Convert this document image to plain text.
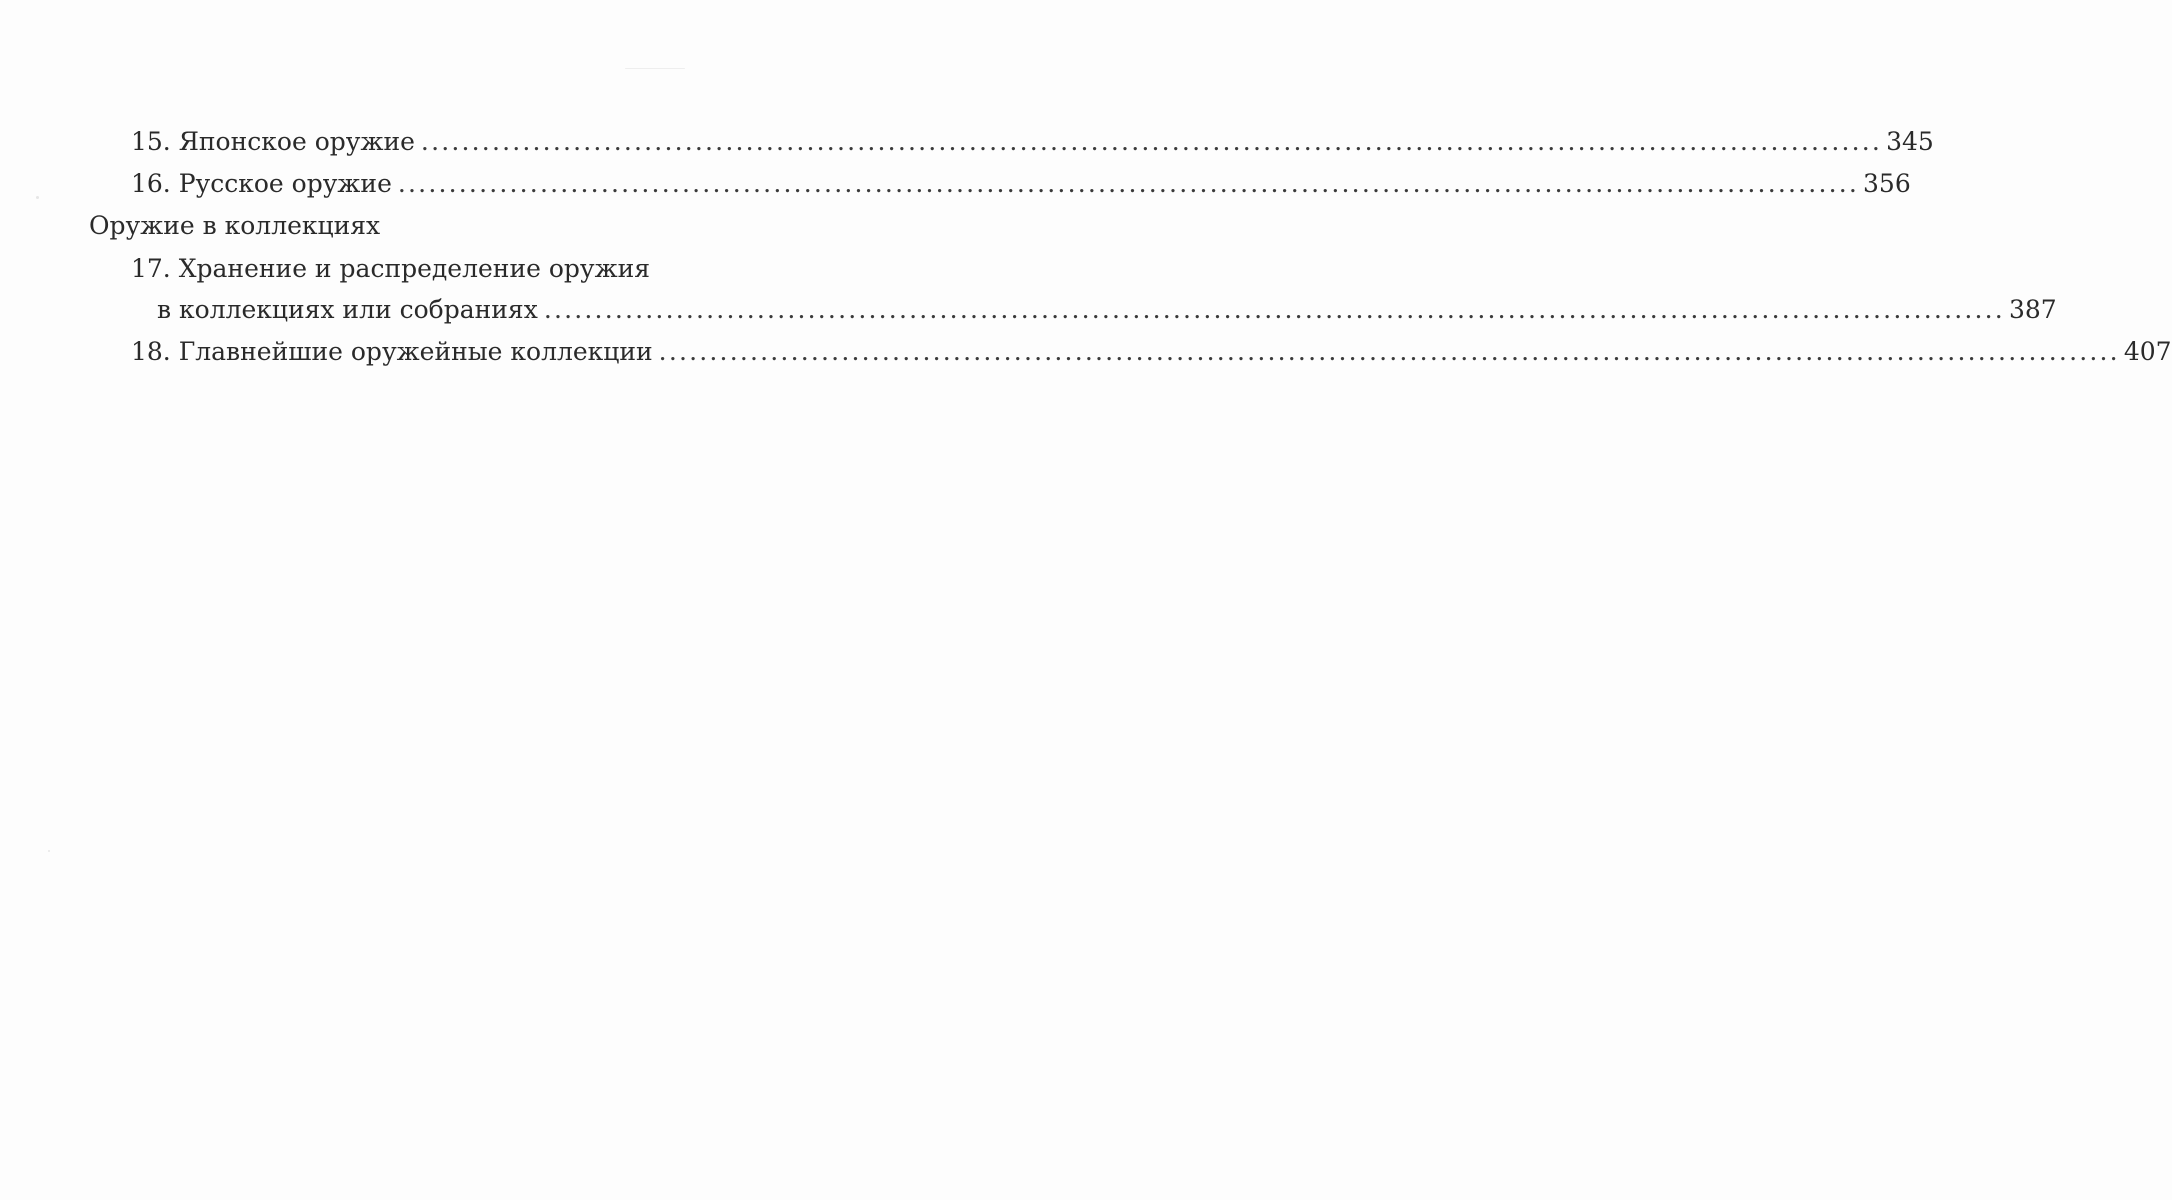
15. Японское оружие ................................................................................................................................................ 345
16. Русское оружие ................................................................................................................................................ 356
Оружие в коллекциях
17. Хранение и распределение оружия
в коллекциях или собраниях ................................................................................................................................................ 387
18. Главнейшие оружейные коллекции ................................................................................................................................................ 407
